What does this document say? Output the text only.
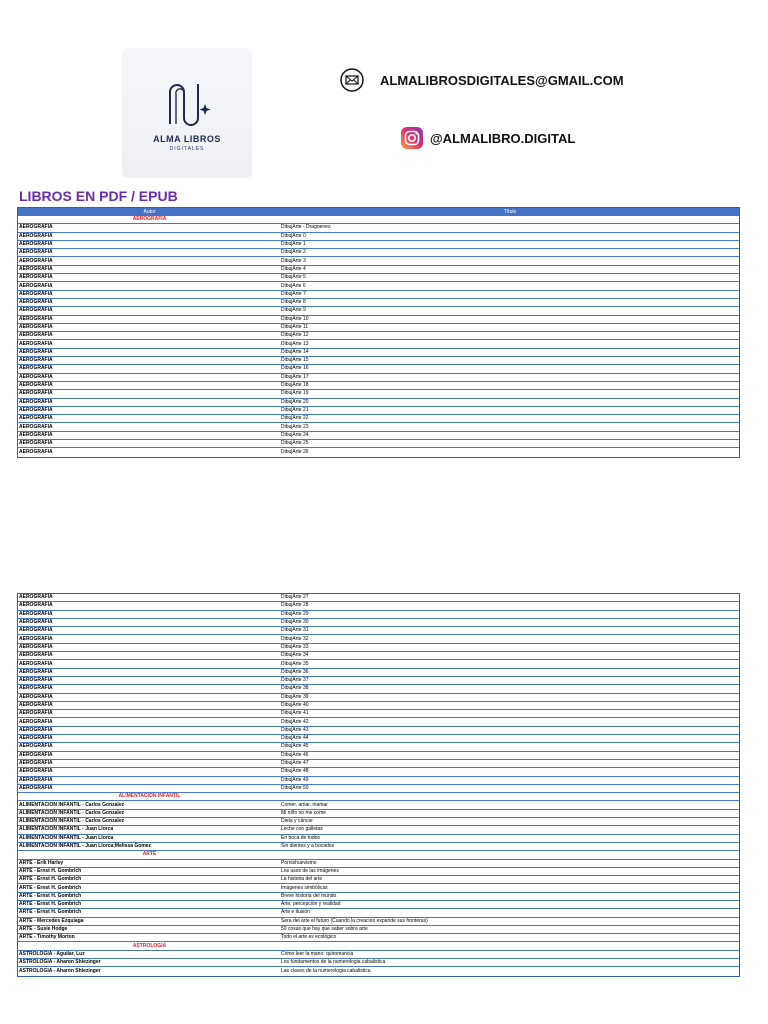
ALMA LIBROS
DIGITALES
ALMALIBROSDIGITALES@GMAIL.COM
@ALMALIBRO.DIGITAL
LIBROS EN PDF / EPUB
Autor	Título
AEROGRAFÍA
AEROGRAFÍA	DibujArte - Dragoenes
AEROGRAFÍA	DibujArte 0
AEROGRAFÍA	DibujArte 1
AEROGRAFÍA	DibujArte 2
AEROGRAFÍA	DibujArte 3
AEROGRAFÍA	DibujArte 4
AEROGRAFÍA	DibujArte 5
AEROGRAFÍA	DibujArte 6
AEROGRAFÍA	DibujArte 7
AEROGRAFÍA	DibujArte 8
AEROGRAFÍA	DibujArte 9
AEROGRAFÍA	DibujArte 10
AEROGRAFÍA	DibujArte 11
AEROGRAFÍA	DibujArte 12
AEROGRAFÍA	DibujArte 13
AEROGRAFÍA	DibujArte 14
AEROGRAFÍA	DibujArte 15
AEROGRAFÍA	DibujArte 16
AEROGRAFÍA	DibujArte 17
AEROGRAFÍA	DibujArte 18
AEROGRAFÍA	DibujArte 19
AEROGRAFÍA	DibujArte 20
AEROGRAFÍA	DibujArte 21
AEROGRAFÍA	DibujArte 22
AEROGRAFÍA	DibujArte 23
AEROGRAFÍA	DibujArte 24
AEROGRAFÍA	DibujArte 25
AEROGRAFÍA	DibujArte 26
AEROGRAFÍA	DibujArte 27
AEROGRAFÍA	DibujArte 28
AEROGRAFÍA	DibujArte 29
AEROGRAFÍA	DibujArte 30
AEROGRAFÍA	DibujArte 31
AEROGRAFÍA	DibujArte 32
AEROGRAFÍA	DibujArte 33
AEROGRAFÍA	DibujArte 34
AEROGRAFÍA	DibujArte 35
AEROGRAFÍA	DibujArte 36
AEROGRAFÍA	DibujArte 37
AEROGRAFÍA	DibujArte 38
AEROGRAFÍA	DibujArte 39
AEROGRAFÍA	DibujArte 40
AEROGRAFÍA	DibujArte 41
AEROGRAFÍA	DibujArte 42
AEROGRAFÍA	DibujArte 43
AEROGRAFÍA	DibujArte 44
AEROGRAFÍA	DibujArte 45
AEROGRAFÍA	DibujArte 46
AEROGRAFÍA	DibujArte 47
AEROGRAFÍA	DibujArte 48
AEROGRAFÍA	DibujArte 49
AEROGRAFÍA	DibujArte 50
ALIMENTACION INFANTIL
ALIMENTACION INFANTIL - Carlos Gonzalez	Comer, amar, mamar
ALIMENTACION INFANTIL - Carlos Gonzalez	Mi niño no me come
ALIMENTACION INFANTIL - Carlos Gonzalez	Dieta y cáncer
ALIMENTACION INFANTIL - Juan Llorca	Leche con galletas
ALIMENTACION INFANTIL - Juan Llorca	En boca de todos
ALIMENTACION INFANTIL - Juan Llorca;Melissa Gomez	Sin dientes y a bocados
ARTE
ARTE - Erik Harley	Pornishuevismo
ARTE - Ernst H. Gombrich	Los usos de las imágenes
ARTE - Ernst H. Gombrich	La historia del arte
ARTE - Ernst H. Gombrich	Imágenes simbólicas
ARTE - Ernst H. Gombrich	Breve historia del mundo
ARTE - Ernst H. Gombrich	Arte, percepción y realidad
ARTE - Ernst H. Gombrich	Arte e ilusión
ARTE - Mercedes Ezquiaga	Sera del arte el futuro (Cuando la creacion expande sus fronteras)
ARTE - Susie Hodge	50 cosas que hay que saber sobre arte
ARTE - Timothy Morton	Todo el arte es ecológico
ASTROLOGIA
ASTROLOGIA - Aguilar, Luz	Cómo leer la mano: quiromancia
ASTROLOGIA - Aharon Shlezinger	Los fundamentos de la numerologia cabalistica
ASTROLOGIA - Aharon Shlezinger	Las claves de la numerologia cabalistica
